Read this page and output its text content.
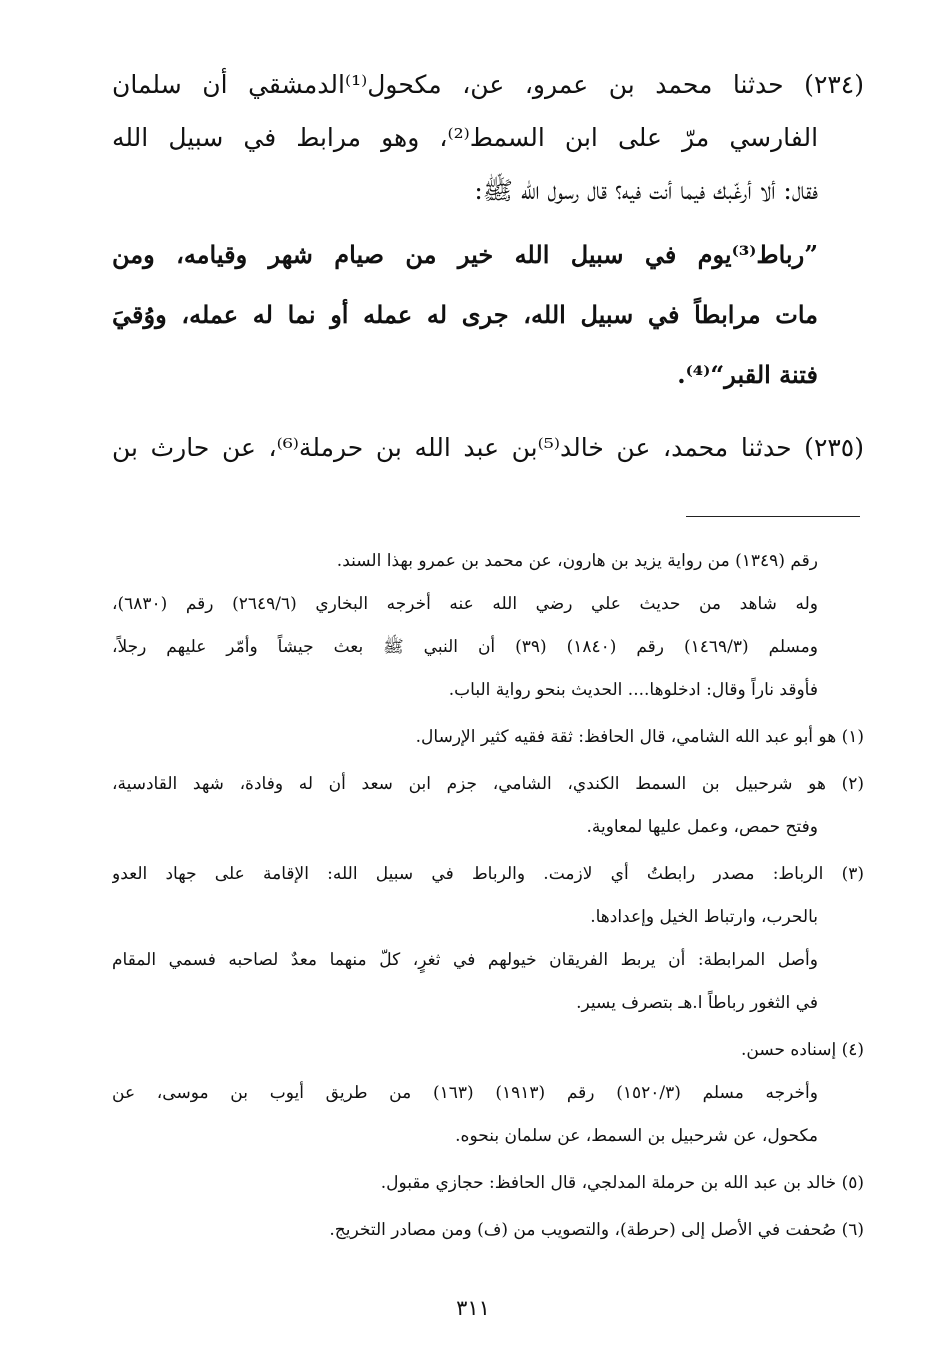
(٢٣٤) حدثنا محمد بن عمرو، عن، مكحول⁽¹⁾الدمشقي أن سلمان
الفارسي مرّ على ابن السمط⁽²⁾، وهو مرابط في سبيل الله
فقال: ألا أرغّبك فيما أنت فيه؟ قال رسول الله ﷺ:
”رباط⁽³⁾يوم في سبيل الله خير من صيام شهر وقيامه، ومن
مات مرابطاً في سبيل الله، جرى له عمله أو نما له عمله، ووُقيَ
فتنة القبر“⁽⁴⁾.
(٢٣٥) حدثنا محمد، عن خالد⁽⁵⁾بن عبد الله بن حرملة⁽⁶⁾، عن حارث بن
رقم (١٣٤٩) من رواية يزيد بن هارون، عن محمد بن عمرو بهذا السند.
وله شاهد من حديث علي رضي الله عنه أخرجه البخاري (٢٦٤٩/٦) رقم (٦٨٣٠)،
ومسلم (١٤٦٩/٣) رقم (١٨٤٠) (٣٩) أن النبي ﷺ بعث جيشاً وأمّر عليهم رجلاً،
فأوقد ناراً وقال: ادخلوها.... الحديث بنحو رواية الباب.
(١) هو أبو عبد الله الشامي، قال الحافظ: ثقة فقيه كثير الإرسال.
(٢) هو شرحبيل بن السمط الكندي، الشامي، جزم ابن سعد أن له وفادة، شهد القادسية،
وفتح حمص، وعمل عليها لمعاوية.
(٣) الرباط: مصدر رابطتُ أي لازمت. والرباط في سبيل الله: الإقامة على جهاد العدو
بالحرب، وارتباط الخيل وإعدادها.
وأصل المرابطة: أن يربط الفريقان خيولهم في ثغرٍ، كلّ منهما معدٌ لصاحبه فسمي المقام
في الثغور رباطاً ا.هـ بتصرف يسير.
(٤) إسناده حسن.
وأخرجه مسلم (١٥٢٠/٣) رقم (١٩١٣) (١٦٣) من طريق أيوب بن موسى، عن
مكحول، عن شرحبيل بن السمط، عن سلمان بنحوه.
(٥) خالد بن عبد الله بن حرملة المدلجي، قال الحافظ: حجازي مقبول.
(٦) صُحفت في الأصل إلى (حرطة)، والتصويب من (ف) ومن مصادر التخريج.
٣١١
